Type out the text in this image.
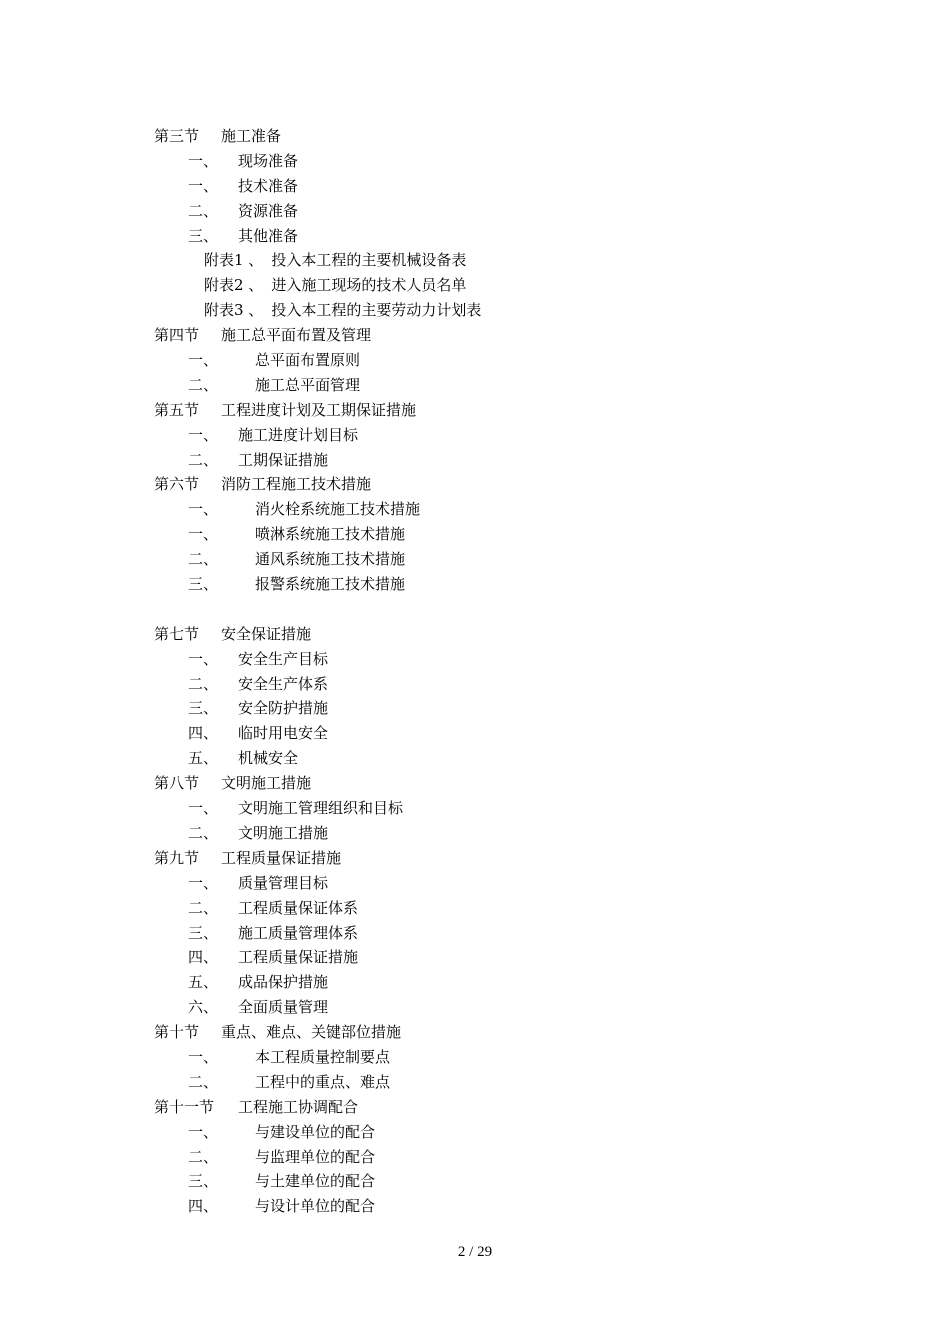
第三节	施工准备
一、	现场准备
一、	技术准备
二、	资源准备
三、	其他准备
附表1 、 投入本工程的主要机械设备表
附表2 、 进入施工现场的技术人员名单
附表3 、 投入本工程的主要劳动力计划表
第四节	施工总平面布置及管理
一、	总平面布置原则
二、	施工总平面管理
第五节	工程进度计划及工期保证措施
一、	施工进度计划目标
二、	工期保证措施
第六节	消防工程施工技术措施
一、	消火栓系统施工技术措施
一、	喷淋系统施工技术措施
二、	通风系统施工技术措施
三、	报警系统施工技术措施
第七节	安全保证措施
一、	安全生产目标
二、	安全生产体系
三、	安全防护措施
四、	临时用电安全
五、	机械安全
第八节	文明施工措施
一、	文明施工管理组织和目标
二、	文明施工措施
第九节	工程质量保证措施
一、	质量管理目标
二、	工程质量保证体系
三、	施工质量管理体系
四、	工程质量保证措施
五、	成品保护措施
六、	全面质量管理
第十节	重点、难点、关键部位措施
一、	本工程质量控制要点
二、	工程中的重点、难点
第十一节	工程施工协调配合
一、	与建设单位的配合
二、	与监理单位的配合
三、	与土建单位的配合
四、	与设计单位的配合
2 / 29
